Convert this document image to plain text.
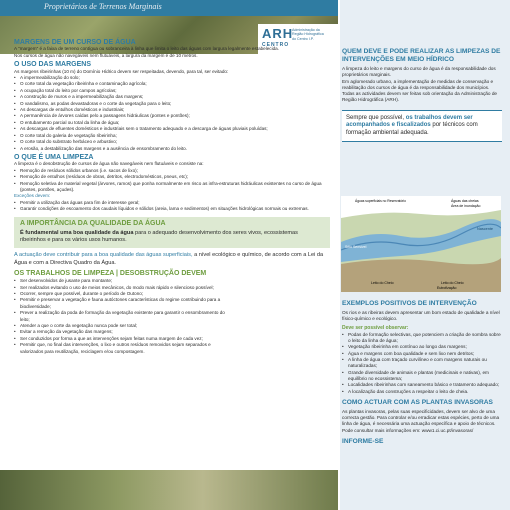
Proprietários de Terrenos Marginais
ARH
CENTRO
Administração da
Região Hidrográfica
do Centro I.P.

MARGENS DE UM CURSO DE ÁGUA

A "margem" é a faixa de terreno contígua ou sobranceira à linha que limita o leito das águas com largura legalmente estabelecida.

Nos cursos de água não navegáveis nem flutuáveis, a largura da margem é de 10 metros.

O USO DAS MARGENS

As margens ribeirinhas (10 m) do Domínio Hídrico devem ser respeitadas, devendo, para tal, ser evitado:

• A impermeabilização do solo;

• O corte total da vegetação ribeirinha e contaminação agrícola;

• A ocupação total do leito por campos agrícolas;

• A construção de muros e a impermeabilização das margens;

• O vandalismo, as podas devastadoras e o corte da vegetação para o leito;

• As descargas de entulhos domésticos e industriais;

• A permanência de árvores caídas pelo a passagens hidráulicas (pontes e pontões);

• O entubamento parcial ou total da linha de água;

• As descargas de efluentes domésticos e industriais sem o tratamento adequado e a descarga de águas pluviais poluídas;

• O corte total do galeria de vegetação ribeirinha;

• O corte total do substrato herbáceo e arbustivo;

• A erosão, a destabilização das margens e a ausência de ensombramento do leito.

O QUE É UMA LIMPEZA

A limpeza é o desobstrução de cursos de água não navegáveis nem flutuáveis e consiste na:

• Remoção de resíduos sólidos urbanos (i.e. sacos de lixo);

• Remoção de entulhos (resíduos de obras, detritos, electrodomésticos, pneus, etc);

• Remoção seletiva de material vegetal (árvores, ramos) que ponha normalmente em risco as infra-estruturas hidráulicas existentes no curso de água (pontes, pontões, açudes).

Exceções devem:

• Permitir a utilização das águas para fim de interesse geral;

• Garantir condições de escoamento dos caudais líquidos e sólidos (areia, lama e sedimentos) em situações hidrológicas normais ou extremas.

A IMPORTÂNCIA DA QUALIDADE DA ÁGUA

É fundamental uma boa qualidade da água para o adequado desenvolvimento dos seres vivos, ecossistemas ribeirinhos e para os vários usos humanos.

A actuação deve contribuir para a boa qualidade das águas superficiais, a nível ecológico e químico, de acordo com a Lei da Água e com a Directiva Quadro da Água.

OS TRABALHOS DE LIMPEZA | DESOBSTRUÇÃO DEVEM

• Ser desenvolvidos de jusante para montante;

• Ser realizados evitando o uso de meios mecânicos, do modo mais rápido e silencioso possível;

• Ocorrer, sempre que possível, durante o período de Outono;

• Permitir e preservar a vegetação e fauna autóctones características do regime contribuindo para a biodiversidade;

• Prever a realização da poda de formação da vegetação existente para garantir o ensombramento do leito;

• Atender a que o corte da vegetação nunca pode ser total;

• Evitar a remoção da vegetação das margens;

• Ser conduzidos por forma a que as intervenções sejam feitas numa margem de cada vez;

• Permitir que, no final das intervenções, o lixo e outros resíduos removidos sejam separados e valorizados para reutilização, reciclagem e/ou compostagem.

QUEM DEVE E PODE REALIZAR AS LIMPEZAS DE INTERVENÇÕES EM MEIO HÍDRICO

A limpeza do leito e margens do curso de água é da responsabilidade dos proprietários marginais.

Em aglomerado urbano, a implementação de medidas de conservação e reabilitação dos cursos de água é da responsabilidade dos municípios.

Todas as actividades devem ser feitas sob orientação da Administração de Região Hidrográfica (ARH).

Sempre que possível, os trabalhos devem ser acompanhados e fiscalizados por técnicos com formação ambiental adequada.

Águas superficiais no Reservatório	Águas das cheias
Área de inundação
Nascente
Sítio Sensível
Leito do Cheio	Leito do Cheio
Eutrofização

EXEMPLOS POSITIVOS DE INTERVENÇÃO

Os rios e as ribeiras devem apresentar um bom estado de qualidade a nível físico-químico e ecológico.

Deve ser possível observar:

• Podas de formação selectivas, que potenciem a criação de sombra sobre o leito da linha de água;

• Vegetação ribeirinha em contínuo ao longo das margens;

• Água e margens com boa qualidade e sem lixo nem detritos;

• A linha de água com traçado curvilíneo e com margens naturais ou naturalizadas;

• Grande diversidade de animais e plantas (medicinais e nativas), em equilíbrio no ecossistema;

• Localidades ribeirinhas com saneamento básico e tratamento adequado;

• A localização das construções a respeitar o leito de cheia.

COMO ACTUAR COM AS PLANTAS INVASORAS

As plantas invasoras, pelas suas especificidades, devem ser alvo de uma correcta gestão. Para controlar e/ou erradicar estas espécies, perto de uma linha de água, é necessária uma actuação específica e apoio de técnicos.

Pode consultar mais informações em: www1.ci.uc.pt/invasoras/

INFORME-SE
